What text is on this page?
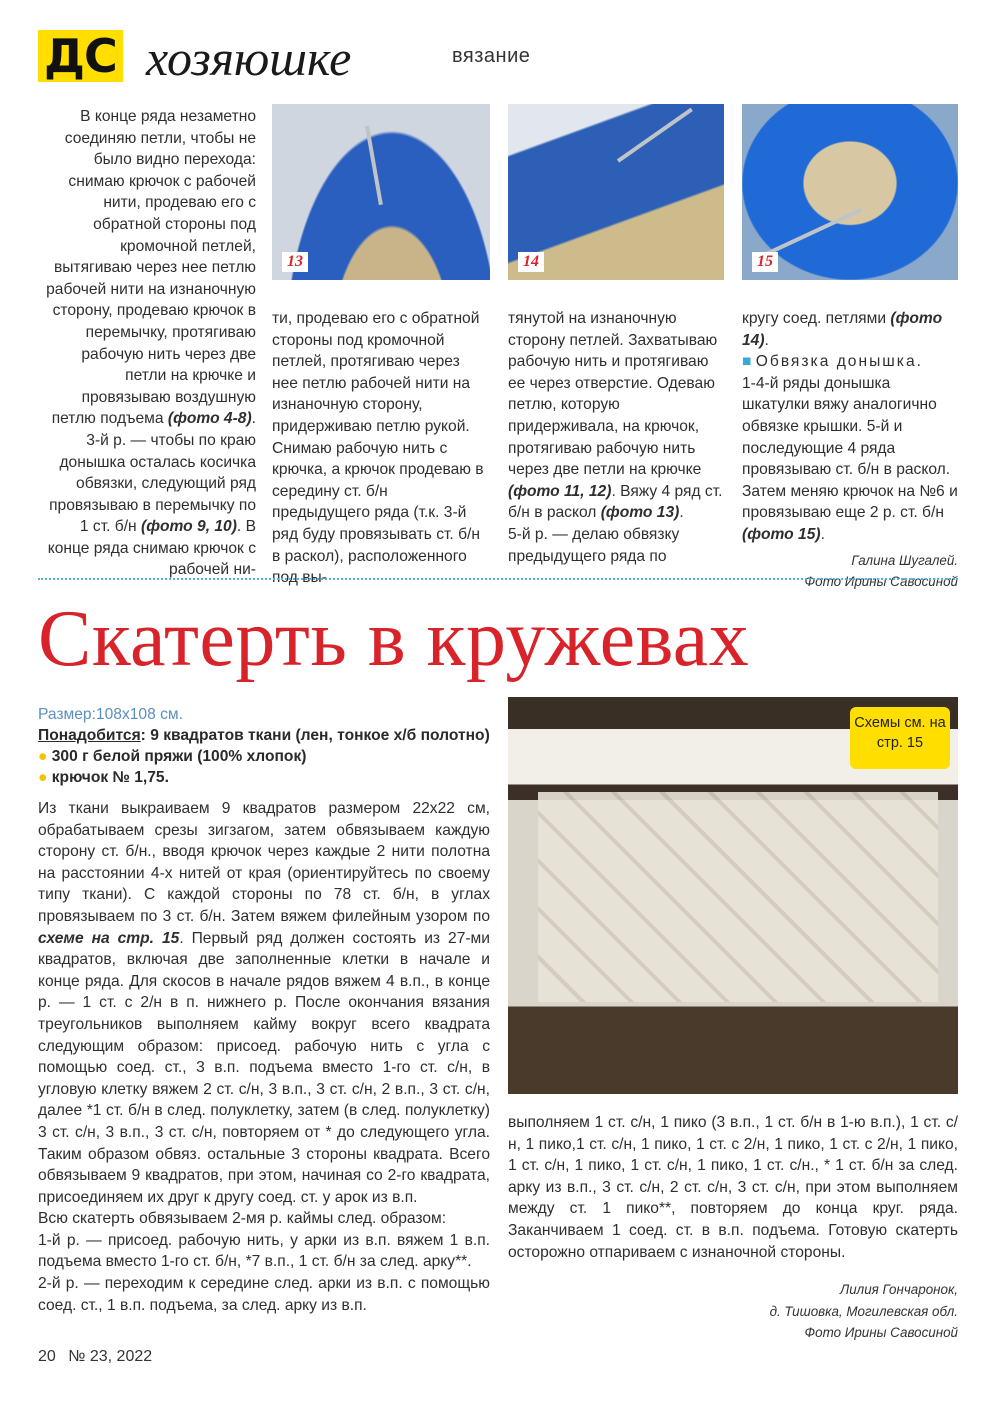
ДС хозяюшке	вязание
В конце ряда незаметно соединяю петли, чтобы не было видно перехода: снимаю крючок с рабочей нити, продеваю его с обратной стороны под кромочной петлей, вытягиваю через нее петлю рабочей нити на изнаночную сторону, продеваю крючок в перемычку, протягиваю рабочую нить через две петли на крючке и провязываю воздушную петлю подъема (фото 4-8).
3-й р. — чтобы по краю донышка осталась косичка обвязки, следующий ряд провязываю в перемычку по 1 ст. б/н (фото 9, 10). В конце ряда снимаю крючок с рабочей ни-
13	14	15
ти, продеваю его с обратной стороны под кромочной петлей, протягиваю через нее петлю рабочей нити на изнаночную сторону, придерживаю петлю рукой. Снимаю рабочую нить с крючка, а крючок продеваю в середину ст. б/н предыдущего ряда (т.к. 3-й ряд буду провязывать ст. б/н в раскол), расположенного под вы-
тянутой на изнаночную сторону петлей. Захватываю рабочую нить и протягиваю ее через отверстие. Одеваю петлю, которую придерживала, на крючок, протягиваю рабочую нить через две петли на крючке (фото 11, 12). Вяжу 4 ряд ст. б/н в раскол (фото 13).
5-й р. — делаю обвязку предыдущего ряда по
кругу соед. петлями (фото 14).
■ Обвязка донышка.
1-4-й ряды донышка шкатулки вяжу аналогично обвязке крышки. 5-й и последующие 4 ряда провязываю ст. б/н в раскол. Затем меняю крючок на №6 и провязываю еще 2 р. ст. б/н (фото 15).
Галина Шугалей.
Фото Ирины Савосиной
Скатерть в кружевах
Размер:108х108 см.
Понадобится: 9 квадратов ткани (лен, тонкое х/б полотно) ● 300 г белой пряжи (100% хлопок)
● крючок № 1,75.

Из ткани выкраиваем 9 квадратов размером 22х22 см, обрабатываем срезы зигзагом, затем обвязываем каждую сторону ст. б/н., вводя крючок через каждые 2 нити полотна на расстоянии 4-х нитей от края (ориентируйтесь по своему типу ткани). С каждой стороны по 78 ст. б/н, в углах провязываем по 3 ст. б/н. Затем вяжем филейным узором по схеме на стр. 15. Первый ряд должен состоять из 27-ми квадратов, включая две заполненные клетки в начале и конце ряда. Для скосов в начале рядов вяжем 4 в.п., в конце р. — 1 ст. с 2/н в п. нижнего р. После окончания вязания треугольников выполняем кайму вокруг всего квадрата следующим образом: присоед. рабочую нить с угла с помощью соед. ст., 3 в.п. подъема вместо 1-го ст. с/н, в угловую клетку вяжем 2 ст. с/н, 3 в.п., 3 ст. с/н, 2 в.п., 3 ст. с/н, далее *1 ст. б/н в след. полуклетку, затем (в след. полуклетку) 3 ст. с/н, 3 в.п., 3 ст. с/н, повторяем от * до следующего угла. Таким образом обвяз. остальные 3 стороны квадрата. Всего обвязываем 9 квадратов, при этом, начиная со 2-го квадрата, присоединяем их друг к другу соед. ст. у арок из в.п.

Всю скатерть обвязываем 2-мя р. каймы след. образом:

1-й р. — присоед. рабочую нить, у арки из в.п. вяжем 1 в.п. подъема вместо 1-го ст. б/н, *7 в.п., 1 ст. б/н за след. арку**.

2-й р. — переходим к середине след. арки из в.п. с помощью соед. ст., 1 в.п. подъема, за след. арку из в.п.

Схемы см. на стр. 15

выполняем 1 ст. с/н, 1 пико (3 в.п., 1 ст. б/н в 1-ю в.п.), 1 ст. с/н, 1 пико,1 ст. с/н, 1 пико, 1 ст. с 2/н, 1 пико, 1 ст. с 2/н, 1 пико, 1 ст. с/н, 1 пико, 1 ст. с/н, 1 пико, 1 ст. с/н., * 1 ст. б/н за след. арку из в.п., 3 ст. с/н, 2 ст. с/н, 3 ст. с/н, при этом выполняем между ст. 1 пико**, повторяем до конца круг. ряда. Заканчиваем 1 соед. ст. в в.п. подъема. Готовую скатерть осторожно отпариваем с изнаночной стороны.

Лилия Гончаронок,
д. Тишовка, Могилевская обл.
Фото Ирины Савосиной
20 № 23, 2022
